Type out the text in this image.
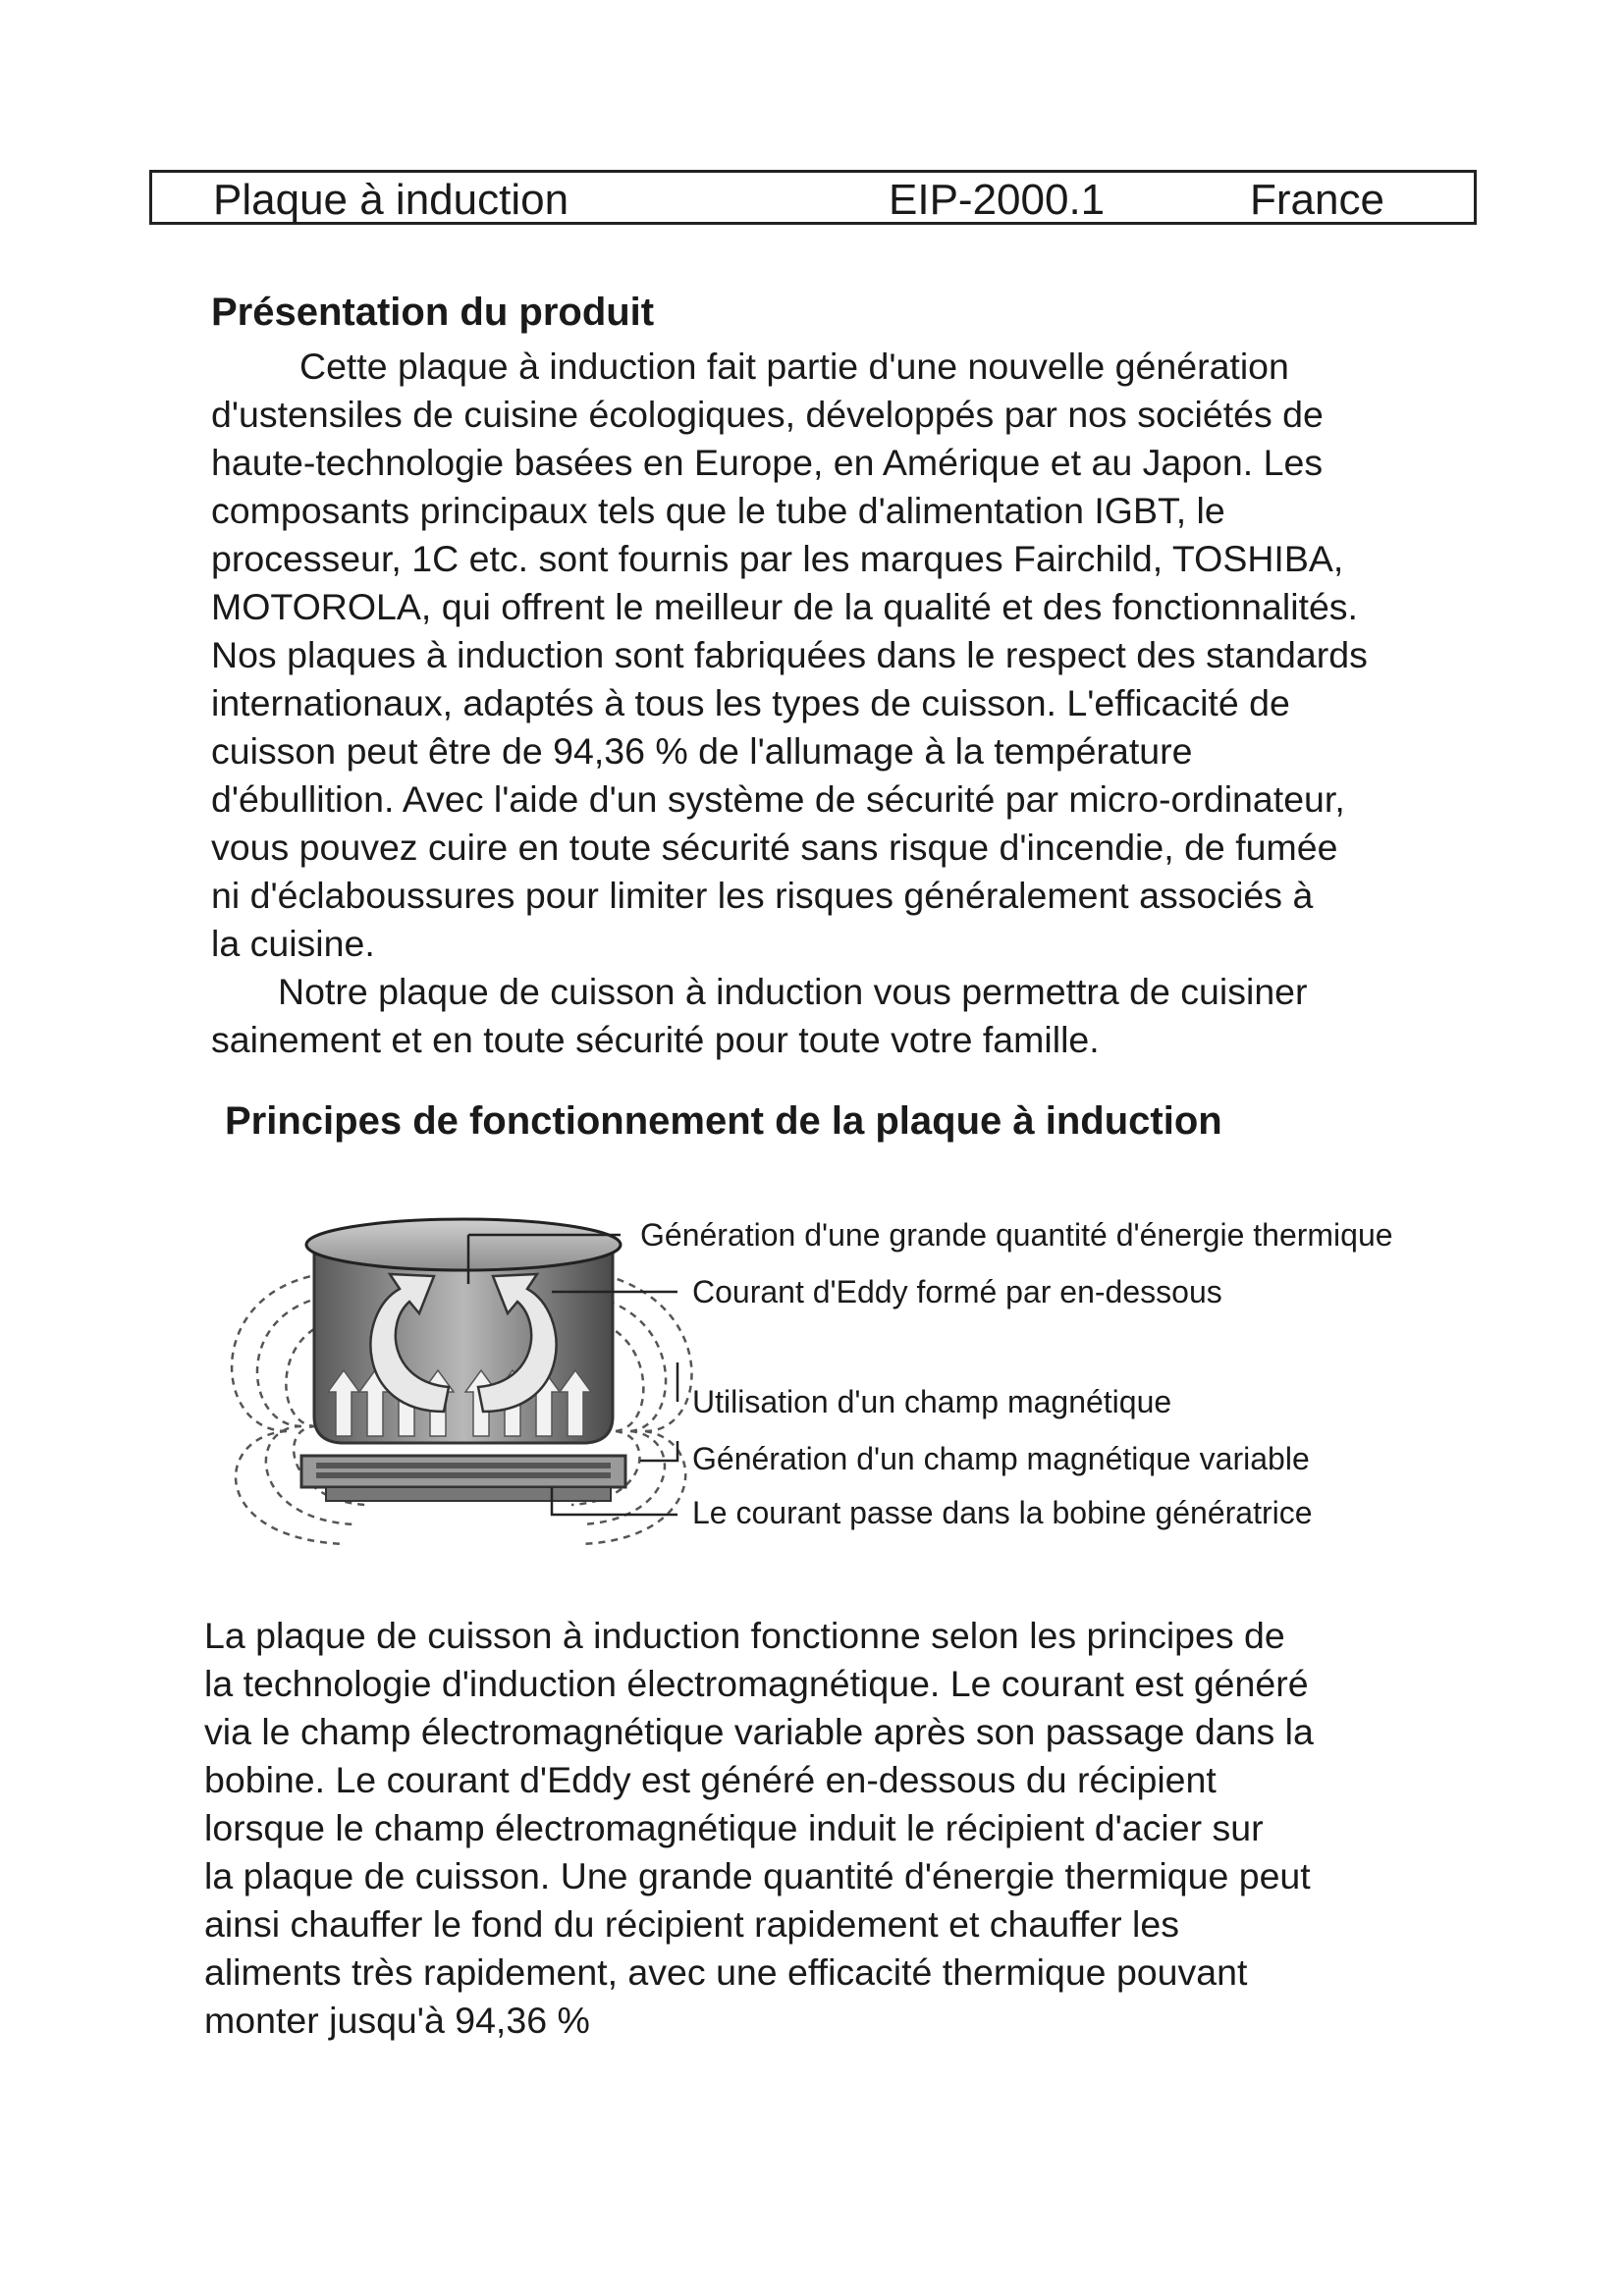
Plaque à induction	EIP-2000.1	France
Présentation du produit
Cette plaque à induction fait partie d'une nouvelle génération
d'ustensiles de cuisine écologiques, développés par nos sociétés de
haute-technologie basées en Europe, en Amérique et au Japon. Les
composants principaux tels que le tube d'alimentation IGBT, le
processeur, 1C etc. sont fournis par les marques Fairchild, TOSHIBA,
MOTOROLA, qui offrent le meilleur de la qualité et des fonctionnalités.
Nos plaques à induction sont fabriquées dans le respect des standards
internationaux, adaptés à tous les types de cuisson. L'efficacité de
cuisson peut être de 94,36 % de l'allumage à la température
d'ébullition. Avec l'aide d'un système de sécurité par micro-ordinateur,
vous pouvez cuire en toute sécurité sans risque d'incendie, de fumée
ni d'éclaboussures pour limiter les risques généralement associés à
la cuisine.
Notre plaque de cuisson à induction vous permettra de cuisiner
sainement et en toute sécurité pour toute votre famille.
Principes de fonctionnement de la plaque à induction
Génération d'une grande quantité d'énergie thermique
Courant d'Eddy formé par en-dessous
Utilisation d'un champ magnétique
Génération d'un champ magnétique variable
Le courant passe dans la bobine génératrice
La plaque de cuisson à induction fonctionne selon les principes de
la technologie d'induction électromagnétique. Le courant est généré
via le champ électromagnétique variable après son passage dans la
bobine. Le courant d'Eddy est généré en-dessous du récipient
lorsque le champ électromagnétique induit le récipient d'acier sur
la plaque de cuisson. Une grande quantité d'énergie thermique peut
ainsi chauffer le fond du récipient rapidement et chauffer les
aliments très rapidement, avec une efficacité thermique pouvant
monter jusqu'à 94,36 %
